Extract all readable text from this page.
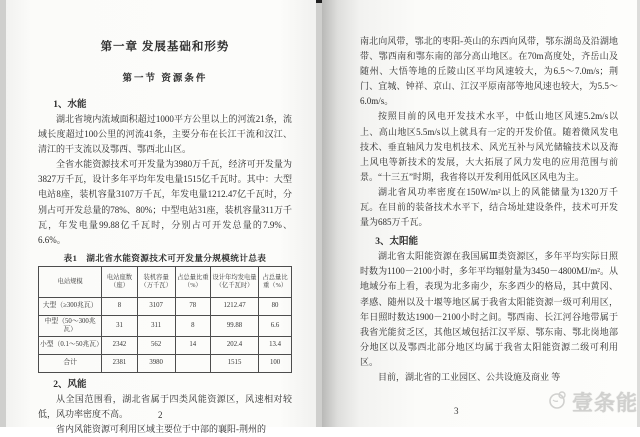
第一章 发展基础和形势
第一节 资源条件
1、水能

湖北省境内流域面积超过1000平方公里以上的河流21条，流域长度超过100公里的河流41条，主要分布在长江干流和汉江、清江的干支流以及鄂西、鄂西北山区。

全省水能资源技术可开发量为3980万千瓦，经济可开发量为3827万千瓦，设计多年平均年发电量1515亿千瓦时。其中：大型电站8座，装机容量3107万千瓦，年发电量1212.47亿千瓦时，分别占可开发总量的78%、80%；中型电站31座，装机容量311万千瓦，年发电量99.88亿千瓦时，分别占可开发总量的7.9%、6.6%。

表1　湖北省水能资源技术可开发量分规模统计总表
电站规模	电站座数（座）	装机容量（万千瓦）	占总量比重（%）	设计年均发电量（亿千瓦时）	占总量比重（%）
大型（≥300兆瓦）	8	3107	78	1212.47	80
中型（50～300兆瓦）	31	311	8	99.88	6.6
小型（0.1～50兆瓦）	2342	562	14	202.4	13.4
合计	2381	3980		1515	100
2、风能

从全国范围看，湖北省属于四类风能资源区，风速相对较低，风功率密度不高。

省内风能资源可利用区域主要位于中部的襄阳-荆州的

2

南北向风带，鄂北的枣阳-英山的东西向风带，鄂东湖岛及沿湖地带、鄂西南和鄂东南的部分高山地区。在70m高度处，齐岳山及随州、大悟等地的丘陵山区平均风速较大，为6.5～7.0m/s；荆门、宜城、钟祥、京山、江汉平原南部等地风速也较大，为5.5～6.0m/s。

按照目前的风电开发技术水平，中低山地区风速5.2m/s以上、高山地区5.5m/s以上就具有一定的开发价值。随着微风发电技术、垂直轴风力发电机技术、风光互补与风光储输技术以及海上风电等新技术的发展，大大拓展了风力发电的应用范围与前景。“十三五”时期，我省将以开发利用低风区风电为主。

湖北省风功率密度在150W/m²以上的风能储量为1320万千瓦。在目前的装备技术水平下，结合场址建设条件，技术可开发量为685万千瓦。

3、太阳能

湖北省太阳能资源在我国属Ⅲ类资源区，多年平均实际日照时数为1100－2100小时，多年平均辐射量为3450－4800MJ/m²。从地域分布上看，表现为北多南少，东多西少的格局，其中黄冈、孝感、随州以及十堰等地区属于我省太阳能资源一级可利用区，年日照时数达1900－2100小时之间。鄂西南、长江河谷地带属于我省光能贫乏区，其他区域包括江汉平原、鄂东南、鄂北岗地部分地区以及鄂西北部分地区均属于我省太阳能资源二级可利用区。

目前，湖北省的工业园区、公共设施及商业 等

3	壹条能
